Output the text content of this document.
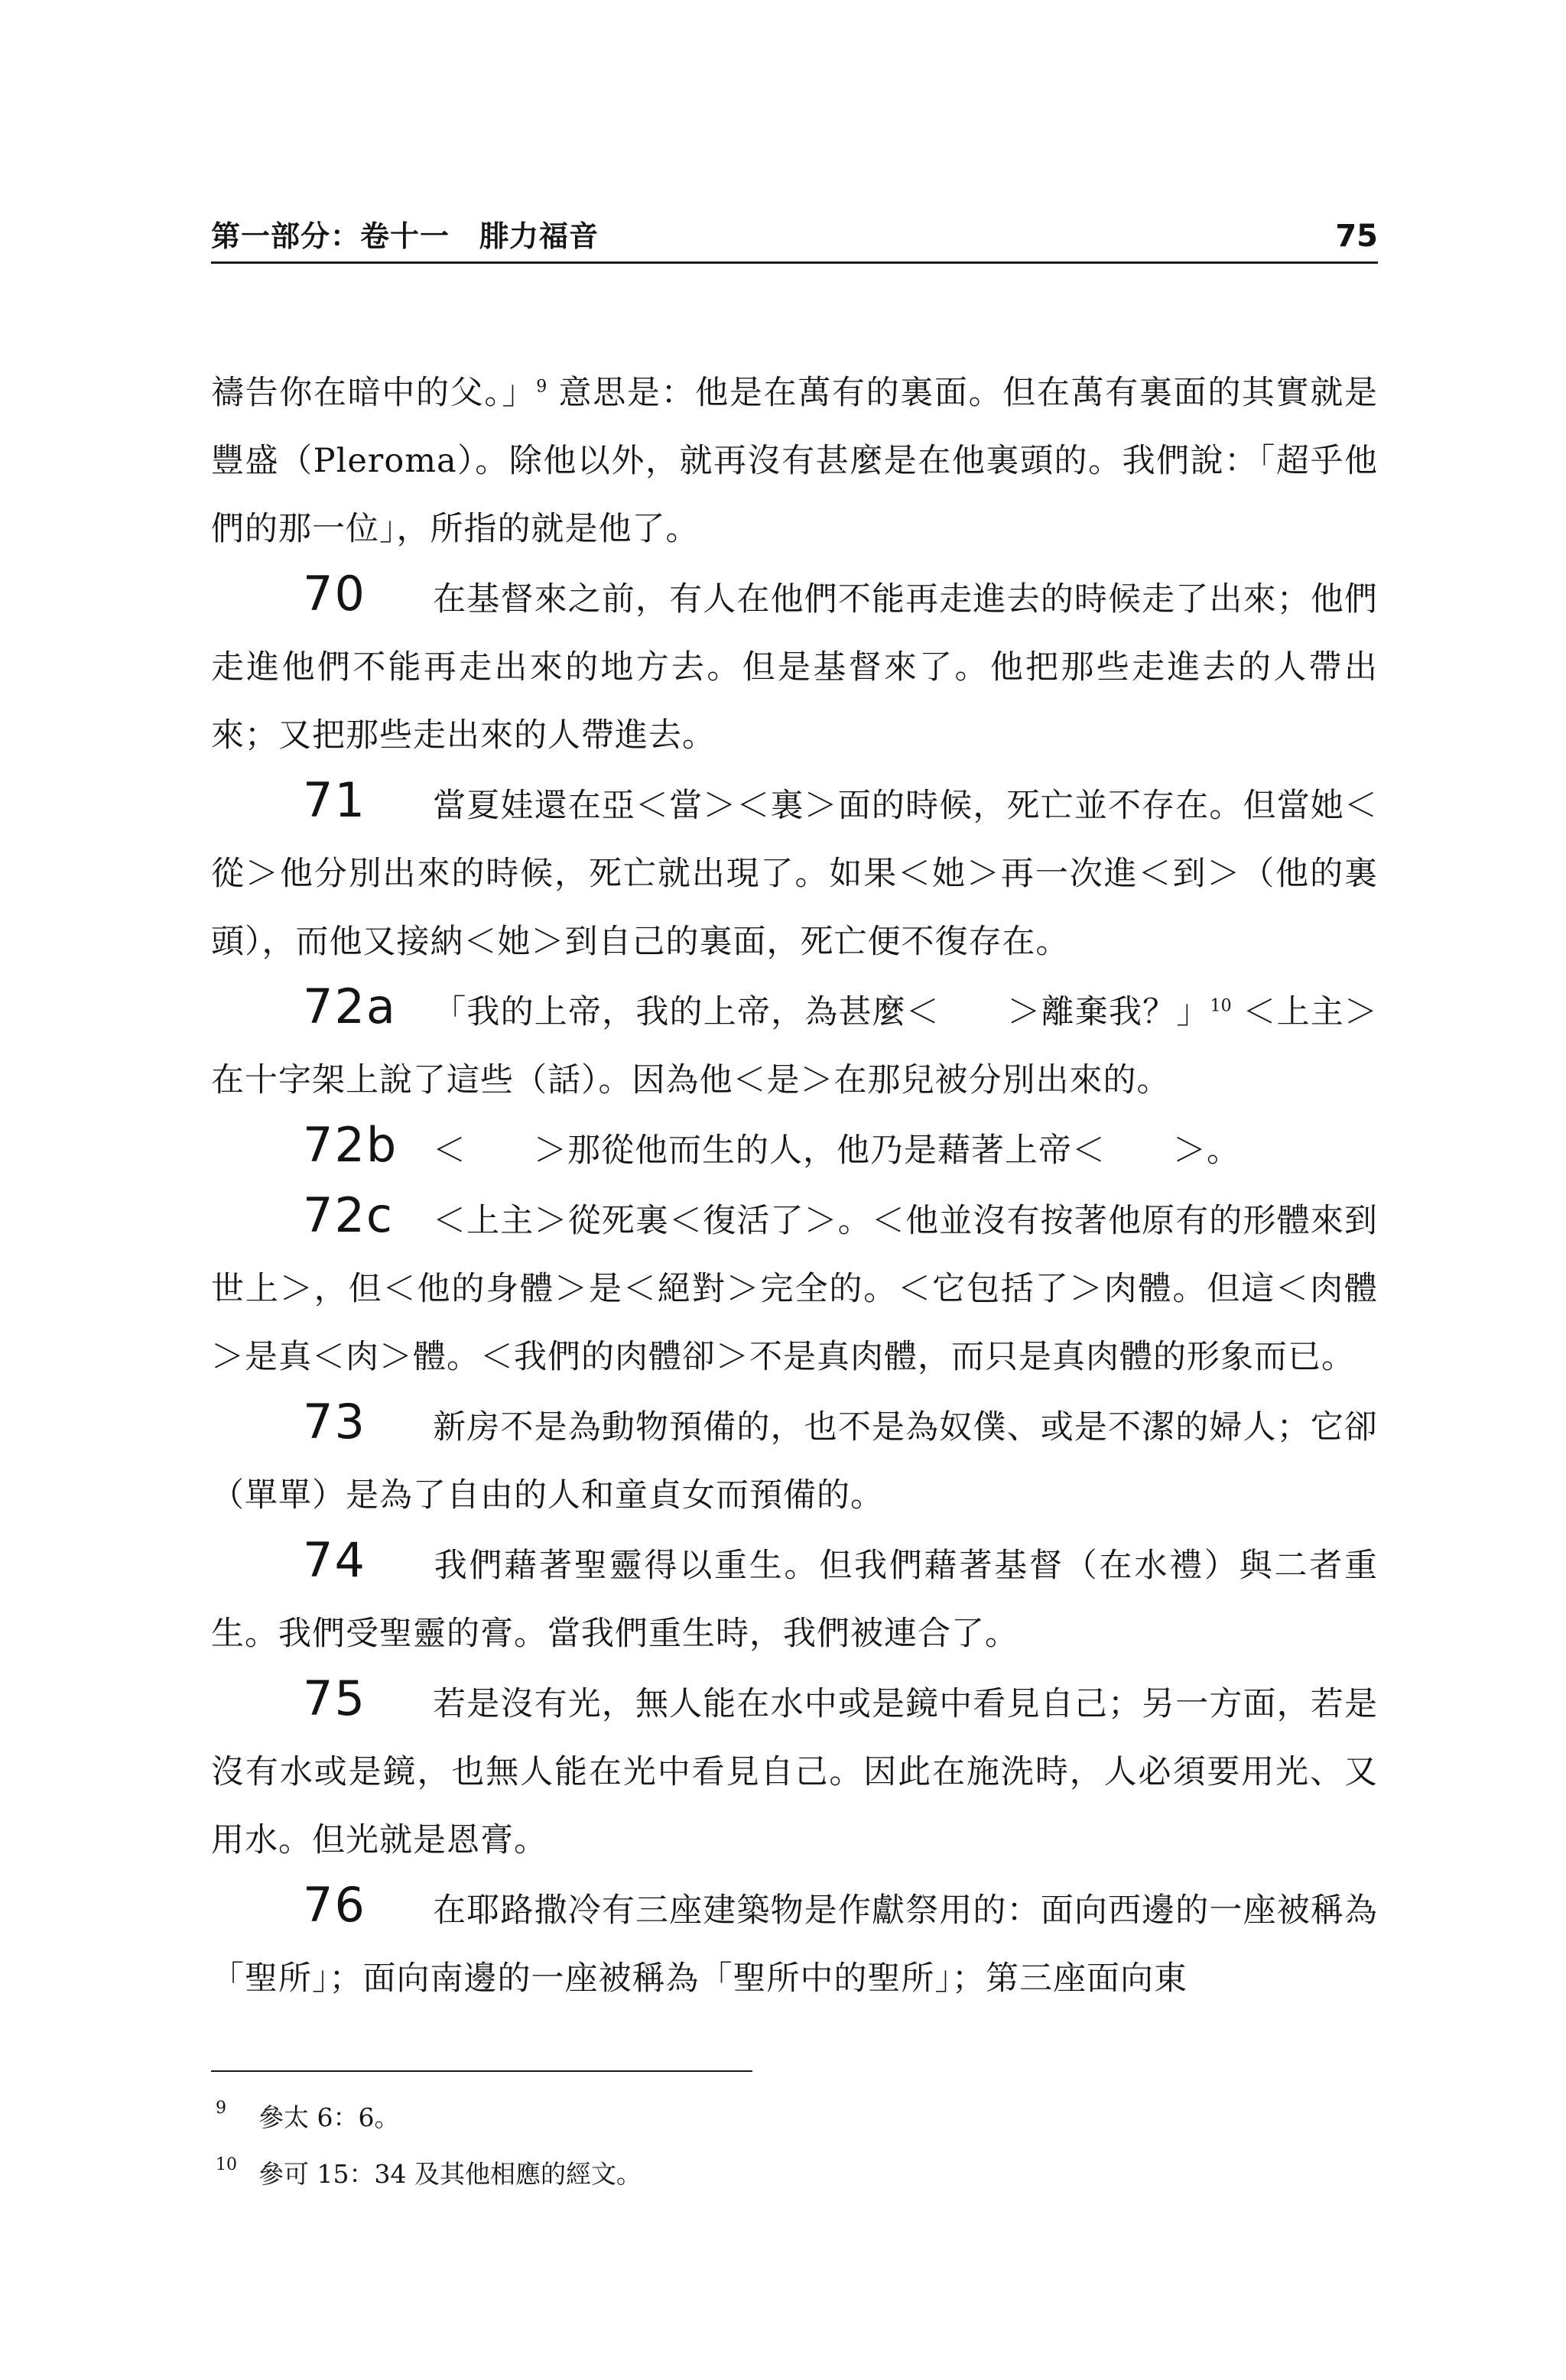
第一部分：卷十一　腓力福音	75

禱告你在暗中的父。」$^9$ 意思是：他是在萬有的裏面。但在萬有裏面的其實就是豐盛（Pleroma）。除他以外，就再沒有甚麼是在他裏頭的。我們說：「超乎他們的那一位」，所指的就是他了。

70 在基督來之前，有人在他們不能再走進去的時候走了出來；他們走進他們不能再走出來的地方去。但是基督來了。他把那些走進去的人帶出來；又把那些走出來的人帶進去。

71 當夏娃還在亞＜當＞＜裏＞面的時候，死亡並不存在。但當她＜從＞他分別出來的時候，死亡就出現了。如果＜她＞再一次進＜到＞（他的裏頭），而他又接納＜她＞到自己的裏面，死亡便不復存在。

72a 「我的上帝，我的上帝，為甚麼＜　　＞離棄我？」$^{10}$ ＜上主＞在十字架上說了這些（話）。因為他＜是＞在那兒被分別出來的。

72b ＜　　＞那從他而生的人，他乃是藉著上帝＜　　＞。

72c ＜上主＞從死裏＜復活了＞。＜他並沒有按著他原有的形體來到世上＞，但＜他的身體＞是＜絕對＞完全的。＜它包括了＞肉體。但這＜肉體＞是真＜肉＞體。＜我們的肉體卻＞不是真肉體，而只是真肉體的形象而已。

73 新房不是為動物預備的，也不是為奴僕、或是不潔的婦人；它卻（單單）是為了自由的人和童貞女而預備的。

74 我們藉著聖靈得以重生。但我們藉著基督（在水禮）與二者重生。我們受聖靈的膏。當我們重生時，我們被連合了。

75 若是沒有光，無人能在水中或是鏡中看見自己；另一方面，若是沒有水或是鏡，也無人能在光中看見自己。因此在施洗時，人必須要用光、又用水。但光就是恩膏。

76 在耶路撒冷有三座建築物是作獻祭用的：面向西邊的一座被稱為「聖所」；面向南邊的一座被稱為「聖所中的聖所」；第三座面向東

9 參太 6：6。
10 參可 15：34 及其他相應的經文。
